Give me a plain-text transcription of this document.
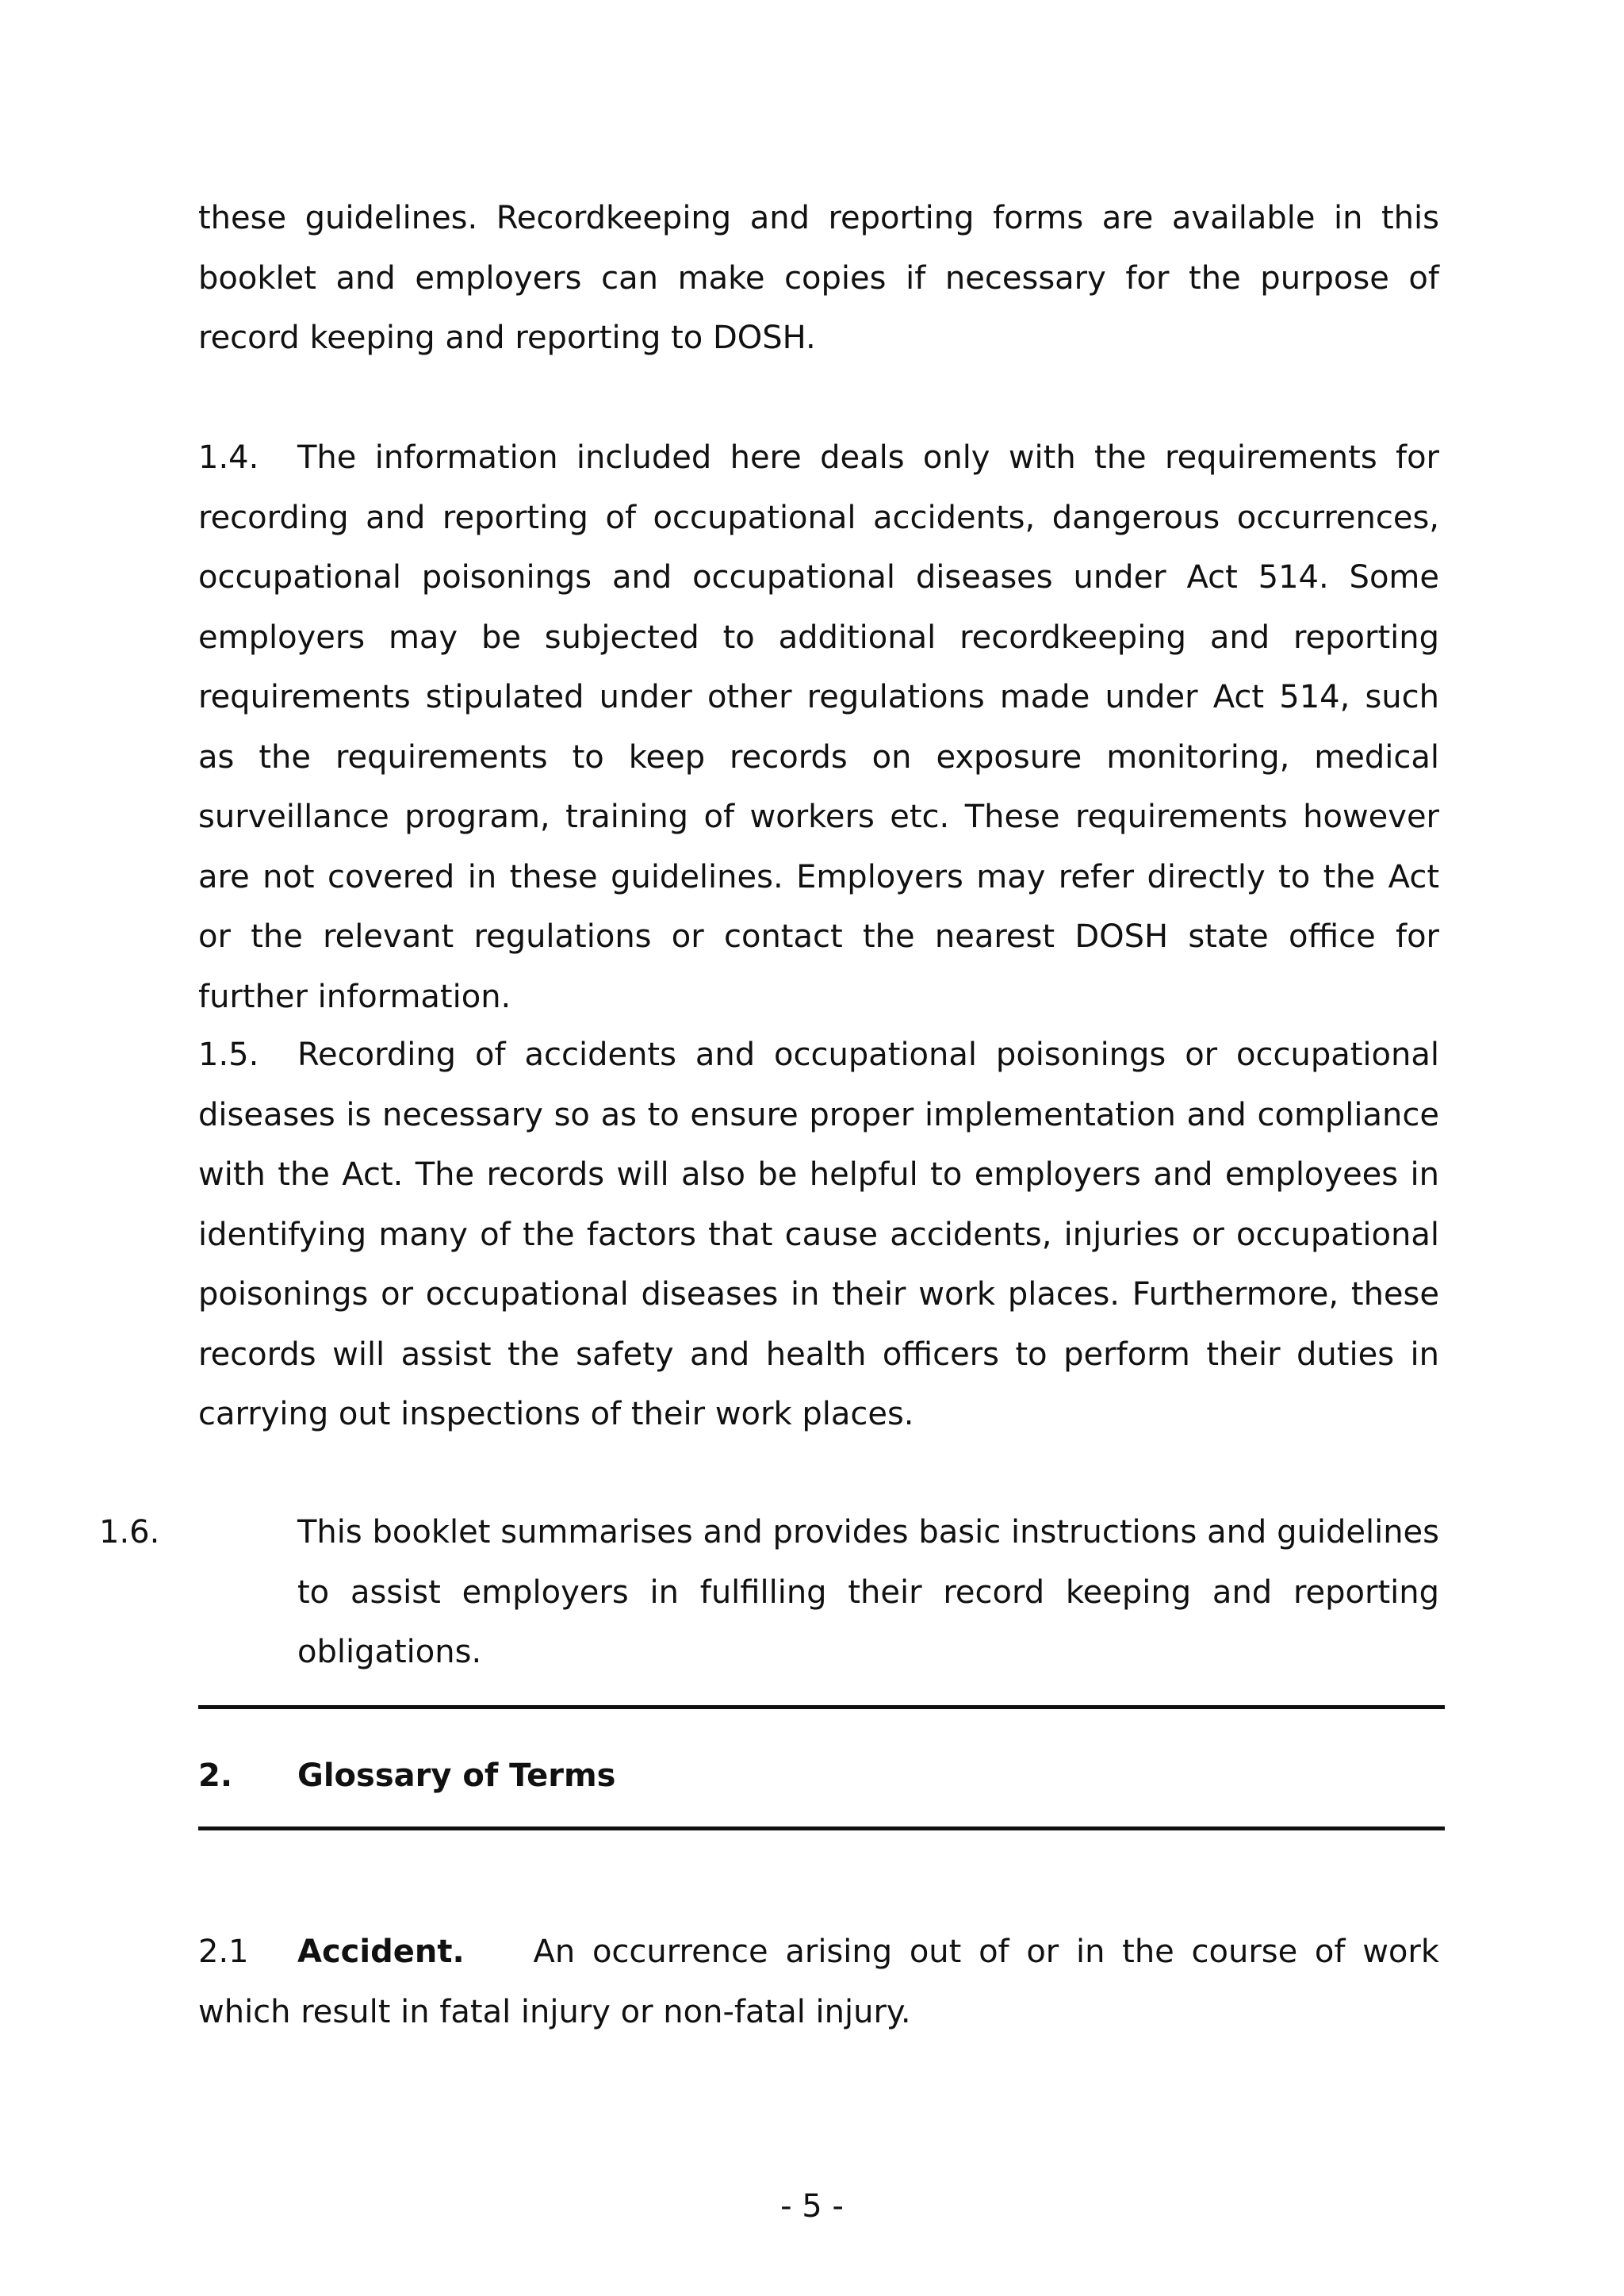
these guidelines. Recordkeeping and reporting forms are available in this booklet and employers can make copies if necessary for the purpose of record keeping and reporting to DOSH.

1.4. The information included here deals only with the requirements for recording and reporting of occupational accidents, dangerous occurrences, occupational poisonings and occupational diseases under Act 514. Some employers may be subjected to additional recordkeeping and reporting requirements stipulated under other regulations made under Act 514, such as the requirements to keep records on exposure monitoring, medical surveillance program, training of workers etc. These requirements however are not covered in these guidelines. Employers may refer directly to the Act or the relevant regulations or contact the nearest DOSH state office for further information.

1.5. Recording of accidents and occupational poisonings or occupational diseases is necessary so as to ensure proper implementation and compliance with the Act. The records will also be helpful to employers and employees in identifying many of the factors that cause accidents, injuries or occupational poisonings or occupational diseases in their work places. Furthermore, these records will assist the safety and health officers to perform their duties in carrying out inspections of their work places.

1.6.	This booklet summarises and provides basic instructions and guidelines to assist employers in fulfilling their record keeping and reporting obligations.

2. Glossary of Terms

2.1 Accident. An occurrence arising out of or in the course of work which result in fatal injury or non-fatal injury.

- 5 -
